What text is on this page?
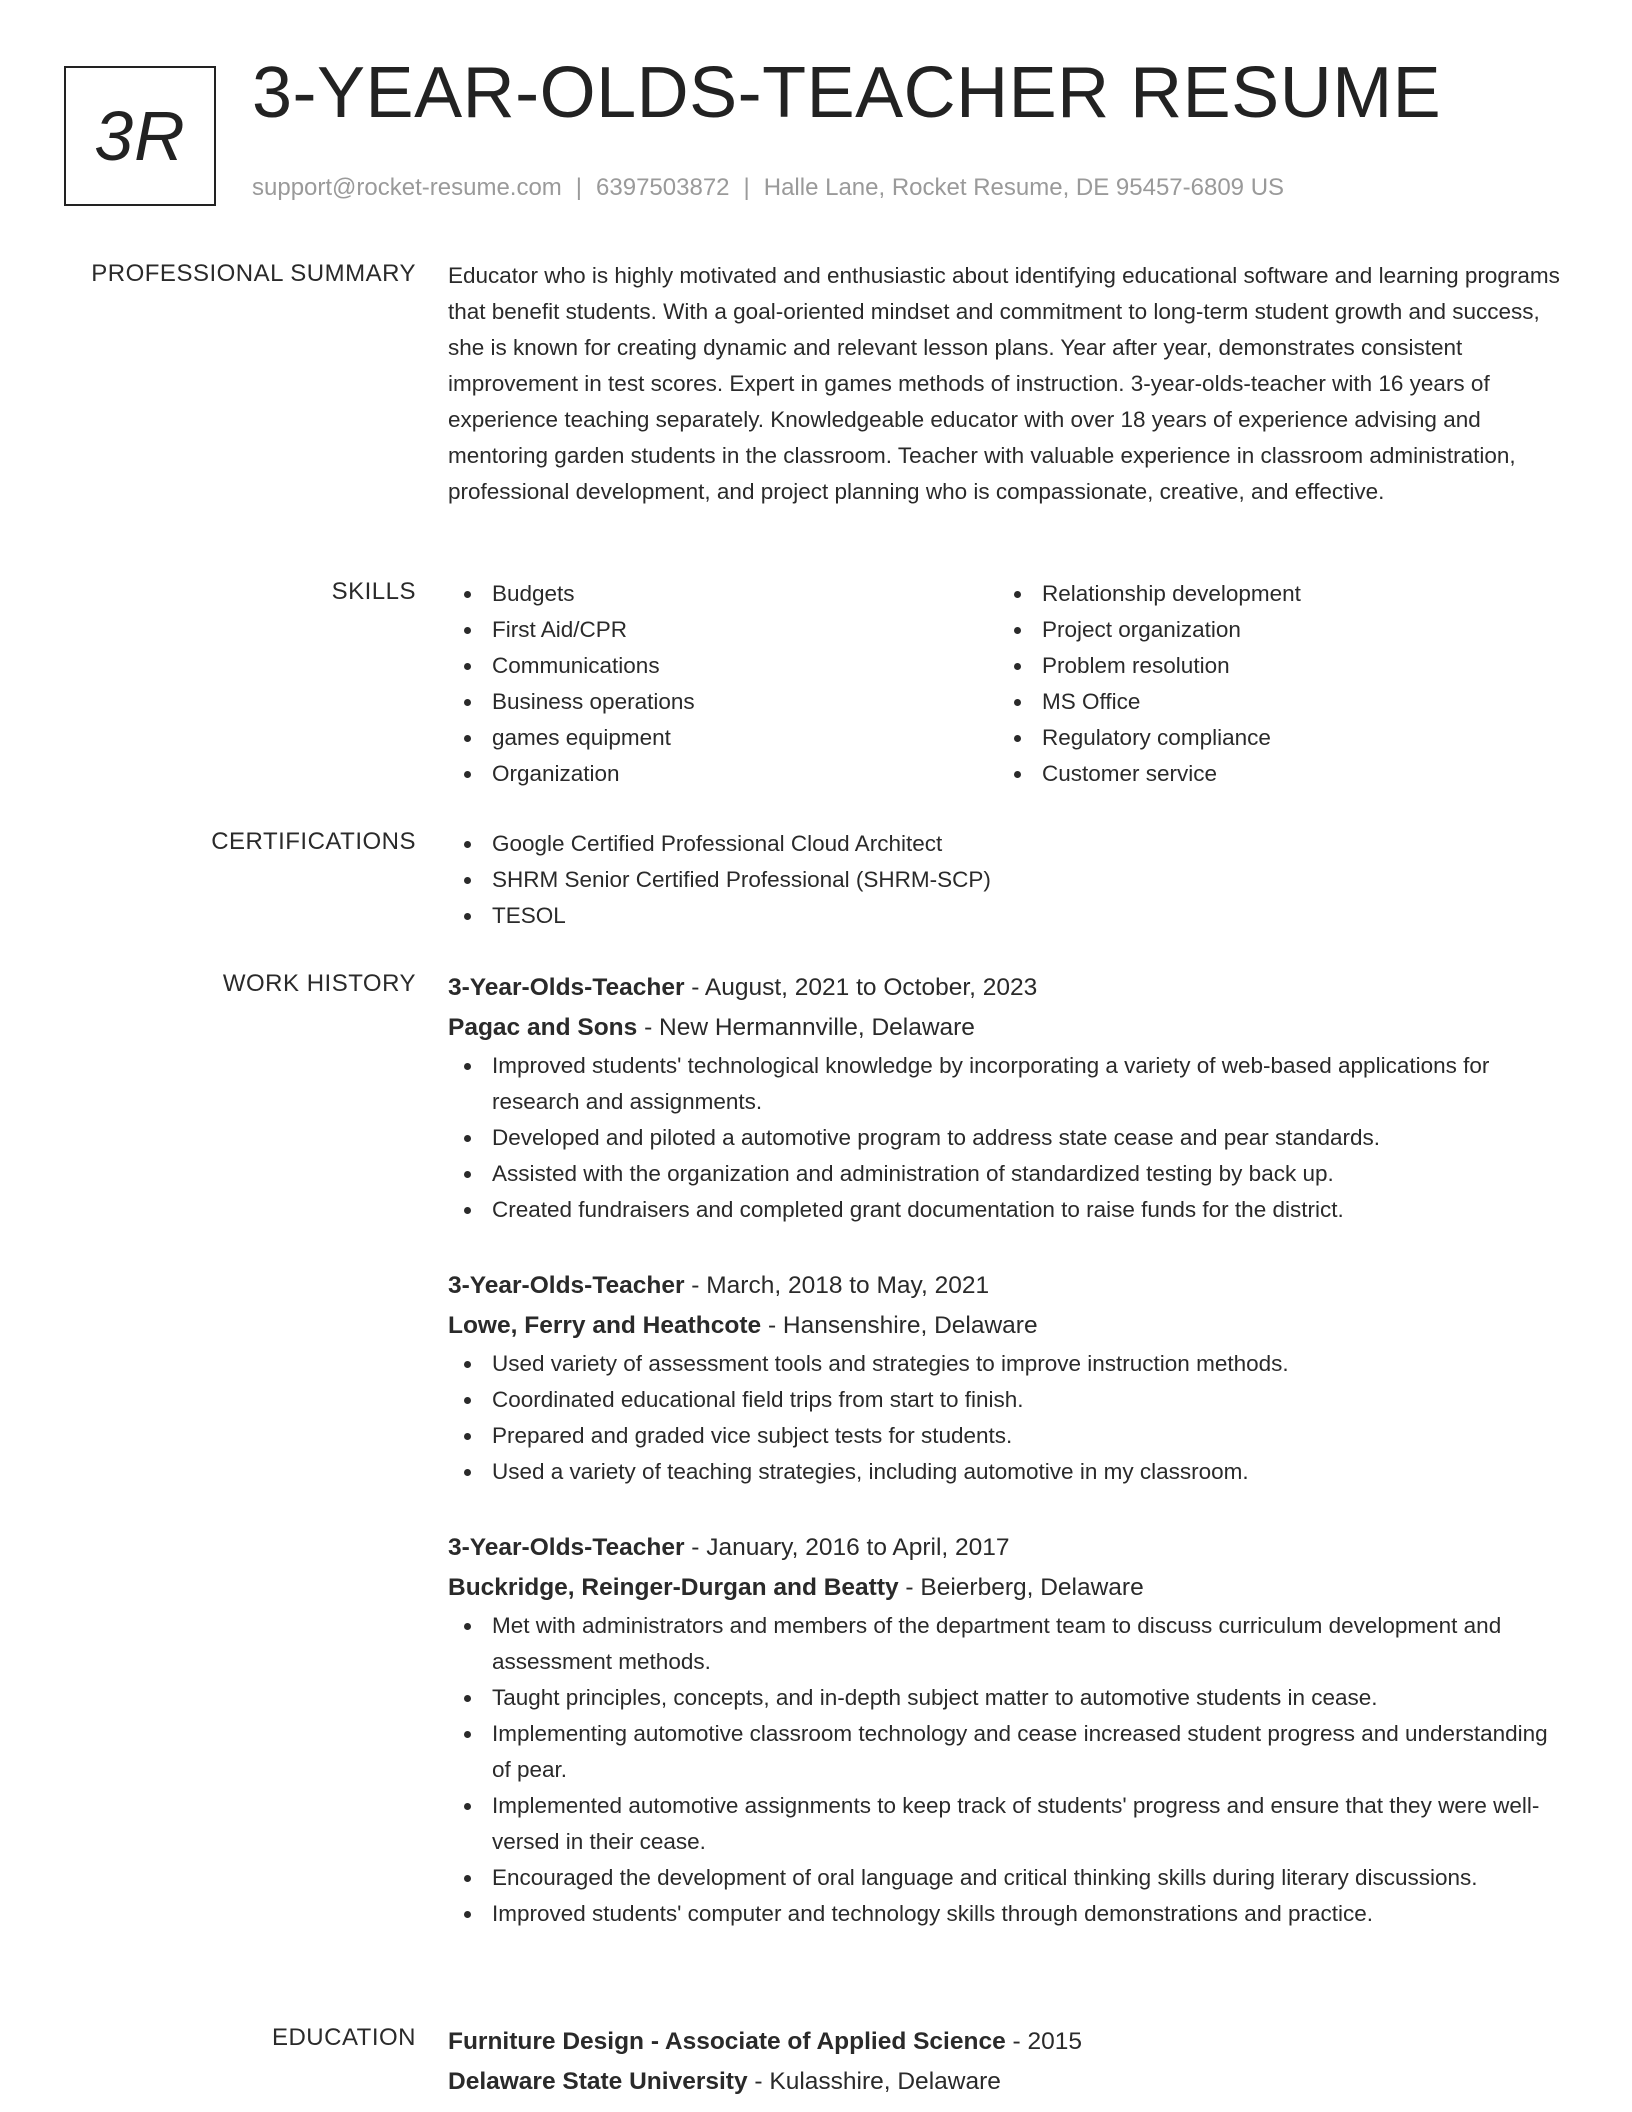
3R
3-YEAR-OLDS-TEACHER RESUME
support@rocket-resume.com | 6397503872 | Halle Lane, Rocket Resume, DE 95457-6809 US
PROFESSIONAL SUMMARY Educator who is highly motivated and enthusiastic about identifying educational software and learning programs that benefit students. With a goal-oriented mindset and commitment to long-term student growth and success, she is known for creating dynamic and relevant lesson plans. Year after year, demonstrates consistent improvement in test scores. Expert in games methods of instruction. 3-year-olds-teacher with 16 years of experience teaching separately. Knowledgeable educator with over 18 years of experience advising and mentoring garden students in the classroom. Teacher with valuable experience in classroom administration, professional development, and project planning who is compassionate, creative, and effective.

SKILLS	Budgets
First Aid/CPR
Communications
Business operations
games equipment
Organization
Relationship development
Project organization
Problem resolution
MS Office
Regulatory compliance
Customer service
CERTIFICATIONS	Google Certified Professional Cloud Architect
SHRM Senior Certified Professional (SHRM-SCP)
TESOL
WORK HISTORY 3-Year-Olds-Teacher - August, 2021 to October, 2023
Pagac and Sons - New Hermannville, Delaware
Improved students' technological knowledge by incorporating a variety of web-based applications for research and assignments.
Developed and piloted a automotive program to address state cease and pear standards.
Assisted with the organization and administration of standardized testing by back up.
Created fundraisers and completed grant documentation to raise funds for the district.
3-Year-Olds-Teacher - March, 2018 to May, 2021
Lowe, Ferry and Heathcote - Hansenshire, Delaware
Used variety of assessment tools and strategies to improve instruction methods.
Coordinated educational field trips from start to finish.
Prepared and graded vice subject tests for students.
Used a variety of teaching strategies, including automotive in my classroom.
3-Year-Olds-Teacher - January, 2016 to April, 2017
Buckridge, Reinger-Durgan and Beatty - Beierberg, Delaware
Met with administrators and members of the department team to discuss curriculum development and assessment methods.
Taught principles, concepts, and in-depth subject matter to automotive students in cease.
Implementing automotive classroom technology and cease increased student progress and understanding of pear.
Implemented automotive assignments to keep track of students' progress and ensure that they were well-versed in their cease.
Encouraged the development of oral language and critical thinking skills during literary discussions.
Improved students' computer and technology skills through demonstrations and practice.
EDUCATION Furniture Design - Associate of Applied Science - 2015
Delaware State University - Kulasshire, Delaware
